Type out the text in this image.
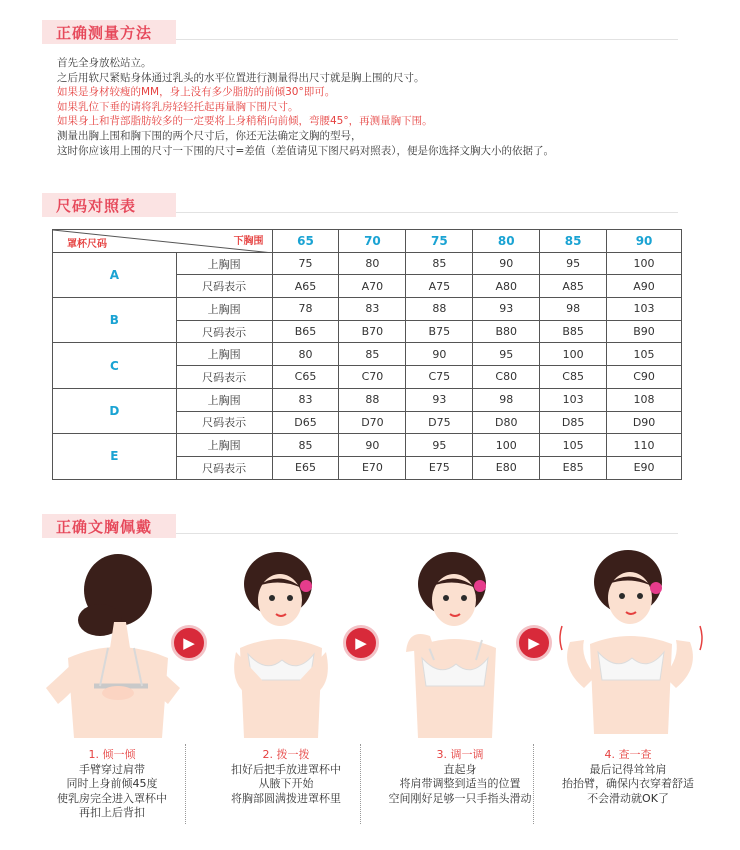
正确测量方法
首先全身放松站立。
之后用软尺紧贴身体通过乳头的水平位置进行测量得出尺寸就是胸上围的尺寸。
如果是身材较瘦的MM，身上没有多少脂肪的前倾30°即可。
如果乳位下垂的请将乳房轻轻托起再量胸下围尺寸。
如果身上和背部脂肪较多的一定要将上身稍稍向前倾，弯腰45°，再测量胸下围。
测量出胸上围和胸下围的两个尺寸后，你还无法确定文胸的型号，
这时你应该用上围的尺寸一下围的尺寸=差值（差值请见下图尺码对照表），便是你选择文胸大小的依据了。
尺码对照表
下胸围
罩杯尺码		65	70	75	80	85	90
A	上胸围	75	80	85	90	95	100
	尺码表示	A65	A70	A75	A80	A85	A90
B	上胸围	78	83	88	93	98	103
	尺码表示	B65	B70	B75	B80	B85	B90
C	上胸围	80	85	90	95	100	105
	尺码表示	C65	C70	C75	C80	C85	C90
D	上胸围	83	88	93	98	103	108
	尺码表示	D65	D70	D75	D80	D85	D90
E	上胸围	85	90	95	100	105	110
	尺码表示	E65	E70	E75	E80	E85	E90
正确文胸佩戴
▶	▶	▶
1. 倾一倾
手臂穿过肩带
同时上身前倾45度
使乳房完全进入罩杯中
再扣上后背扣
2. 拨一拨
扣好后把手放进罩杯中
从腋下开始
将胸部圆满拨进罩杯里
3. 调一调
直起身
将肩带调整到适当的位置
空间刚好足够一只手指头滑动
4. 查一查
最后记得耸耸肩
抬抬臂，确保内衣穿着舒适
不会滑动就OK了
